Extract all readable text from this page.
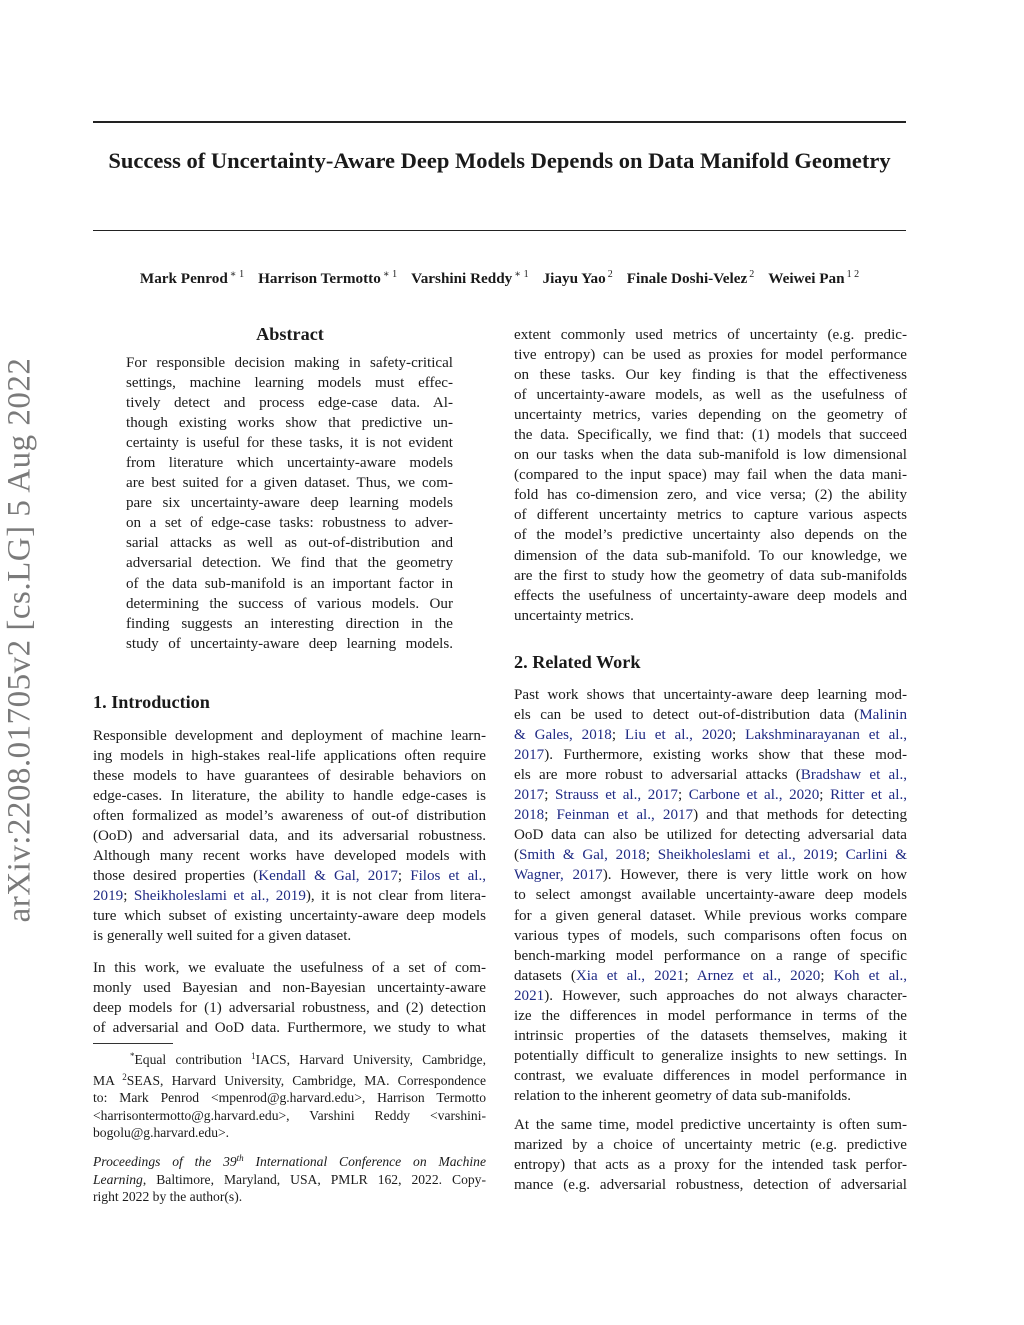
arXiv:2208.01705v2 [cs.LG] 5 Aug 2022
Success of Uncertainty-Aware Deep Models Depends on Data Manifold Geometry
Mark Penrod $^{∗ 1}$ Harrison Termotto $^{∗ 1}$ Varshini Reddy $^{∗ 1}$ Jiayu Yao $^2$ Finale Doshi-Velez $^2$ Weiwei Pan $^{1 2}$
Abstract
For responsible decision making in safety-critical
settings, machine learning models must effec-
tively detect and process edge-case data. Al-
though existing works show that predictive un-
certainty is useful for these tasks, it is not evident
from literature which uncertainty-aware models
are best suited for a given dataset. Thus, we com-
pare six uncertainty-aware deep learning models
on a set of edge-case tasks: robustness to adver-
sarial attacks as well as out-of-distribution and
adversarial detection. We find that the geometry
of the data sub-manifold is an important factor in
determining the success of various models. Our
finding suggests an interesting direction in the
study of uncertainty-aware deep learning models.
1. Introduction
Responsible development and deployment of machine learn-
ing models in high-stakes real-life applications often require
these models to have guarantees of desirable behaviors on
edge-cases. In literature, the ability to handle edge-cases is
often formalized as model’s awareness of out-of distribution
(OoD) and adversarial data, and its adversarial robustness.
Although many recent works have developed models with
those desired properties (Kendall & Gal, 2017; Filos et al.,
2019; Sheikholeslami et al., 2019), it is not clear from litera-
ture which subset of existing uncertainty-aware deep models
is generally well suited for a given dataset.
In this work, we evaluate the usefulness of a set of com-
monly used Bayesian and non-Bayesian uncertainty-aware
deep models for (1) adversarial robustness, and (2) detection
of adversarial and OoD data. Furthermore, we study to what
*Equal contribution $^1$IACS, Harvard University, Cambridge,
MA $^2$SEAS, Harvard University, Cambridge, MA. Correspondence
to: Mark Penrod <mpenrod@g.harvard.edu>, Harrison Termotto
<harrisontermotto@g.harvard.edu>, Varshini Reddy <varshini-
bogolu@g.harvard.edu>.
Proceedings of the 39th International Conference on Machine
Learning, Baltimore, Maryland, USA, PMLR 162, 2022. Copy-
right 2022 by the author(s).
extent commonly used metrics of uncertainty (e.g. predic-
tive entropy) can be used as proxies for model performance
on these tasks. Our key finding is that the effectiveness
of uncertainty-aware models, as well as the usefulness of
uncertainty metrics, varies depending on the geometry of
the data. Specifically, we find that: (1) models that succeed
on our tasks when the data sub-manifold is low dimensional
(compared to the input space) may fail when the data mani-
fold has co-dimension zero, and vice versa; (2) the ability
of different uncertainty metrics to capture various aspects
of the model’s predictive uncertainty also depends on the
dimension of the data sub-manifold. To our knowledge, we
are the first to study how the geometry of data sub-manifolds
effects the usefulness of uncertainty-aware deep models and
uncertainty metrics.
2. Related Work
Past work shows that uncertainty-aware deep learning mod-
els can be used to detect out-of-distribution data (Malinin
& Gales, 2018; Liu et al., 2020; Lakshminarayanan et al.,
2017). Furthermore, existing works show that these mod-
els are more robust to adversarial attacks (Bradshaw et al.,
2017; Strauss et al., 2017; Carbone et al., 2020; Ritter et al.,
2018; Feinman et al., 2017) and that methods for detecting
OoD data can also be utilized for detecting adversarial data
(Smith & Gal, 2018; Sheikholeslami et al., 2019; Carlini &
Wagner, 2017). However, there is very little work on how
to select amongst available uncertainty-aware deep models
for a given general dataset. While previous works compare
various types of models, such comparisons often focus on
bench-marking model performance on a range of specific
datasets (Xia et al., 2021; Arnez et al., 2020; Koh et al.,
2021). However, such approaches do not always character-
ize the differences in model performance in terms of the
intrinsic properties of the datasets themselves, making it
potentially difficult to generalize insights to new settings. In
contrast, we evaluate differences in model performance in
relation to the inherent geometry of data sub-manifolds.
At the same time, model predictive uncertainty is often sum-
marized by a choice of uncertainty metric (e.g. predictive
entropy) that acts as a proxy for the intended task perfor-
mance (e.g. adversarial robustness, detection of adversarial
